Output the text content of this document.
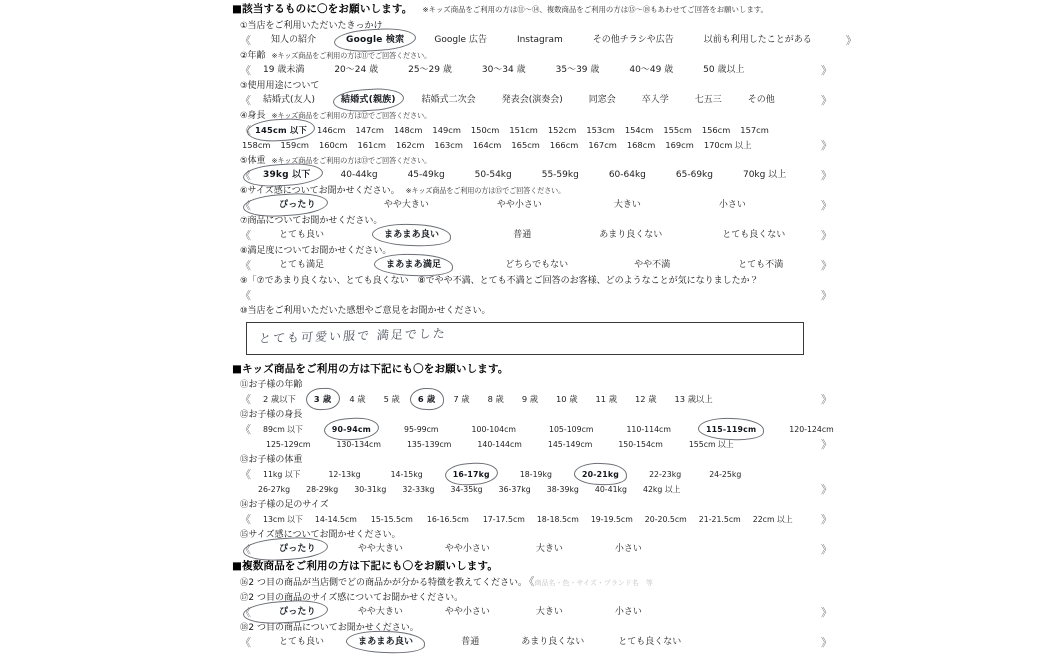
■該当するものに〇をお願いします。 ※キッズ商品をご利用の方は⑪～⑭、複数商品をご利用の方は⑮～⑱もあわせてご回答をお願いします。
①当店をご利用いただいたきっかけ
《	知人の紹介	Google 検索	Google 広告	Instagram	その他チラシや広告	以前も利用したことがある	》
②年齢 ※キッズ商品をご利用の方は⑪でご回答ください。
《	19 歳未満	20～24 歳	25～29 歳	30～34 歳	35～39 歳	40～49 歳	50 歳以上	》
③使用用途について
《	結婚式(友人)	結婚式(親族)	結婚式二次会	発表会(演奏会)	同窓会	卒入学	七五三	その他	》
④身長 ※キッズ商品をご利用の方は⑫でご回答ください。
《 145cm 以下 146cm 147cm 148cm 149cm 150cm 151cm 152cm 153cm 154cm 155cm 156cm 157cm
158cm 159cm 160cm 161cm 162cm 163cm 164cm 165cm 166cm 167cm 168cm 169cm 170cm 以上	》
⑤体重 ※キッズ商品をご利用の方は⑬でご回答ください。
《	39kg 以下	40-44kg	45-49kg	50-54kg	55-59kg	60-64kg	65-69kg	70kg 以上	》
⑥サイズ感についてお聞かせください。 ※キッズ商品をご利用の方は⑮でご回答ください。
《	ぴったり	やや大きい	やや小さい	大きい	小さい	》
⑦商品についてお聞かせください。
《	とても良い	まあまあ良い	普通	あまり良くない	とても良くない	》
⑧満足度についてお聞かせください。
《	とても満足	まあまあ満足	どちらでもない	やや不満	とても不満	》
⑨「⑦であまり良くない、とても良くない　⑧でやや不満、とても不満とご回答のお客様、どのようなことが気になりましたか？
《	》
⑩当店をご利用いただいた感想やご意見をお聞かせください。
とても可愛い服で 満足でした
■キッズ商品をご利用の方は下記にも〇をお願いします。
⑪お子様の年齢
《	2 歳以下 3 歳 4 歳 5 歳 6 歳 7 歳 8 歳 9 歳 10 歳 11 歳 12 歳 13 歳以上	》
⑫お子様の身長
《	89cm 以下	90-94cm	95-99cm	100-104cm	105-109cm	110-114cm	115-119cm	120-124cm
125-129cm	130-134cm	135-139cm	140-144cm	145-149cm	150-154cm	155cm 以上	》
⑬お子様の体重
《	11kg 以下	12-13kg	14-15kg	16-17kg	18-19kg	20-21kg	22-23kg	24-25kg
26-27kg 28-29kg 30-31kg 32-33kg 34-35kg 36-37kg 38-39kg 40-41kg 42kg 以上	》
⑭お子様の足のサイズ
《	13cm 以下 14-14.5cm 15-15.5cm 16-16.5cm 17-17.5cm 18-18.5cm 19-19.5cm 20-20.5cm 21-21.5cm 22cm 以上	》
⑮サイズ感についてお聞かせください。
《	ぴったり	やや大きい	やや小さい	大きい	小さい	》
■複数商品をご利用の方は下記にも〇をお願いします。
⑯2 つ目の商品が当店側でどの商品かが分かる特徴を教えてください。 《商品名・色・サイズ・ブランド名　等
⑰2 つ目の商品のサイズ感についてお聞かせください。
《	ぴったり	やや大きい	やや小さい	大きい	小さい	》
⑱2 つ目の商品についてお聞かせください。
《	とても良い	まあまあ良い	普通	あまり良くない	とても良くない	》
